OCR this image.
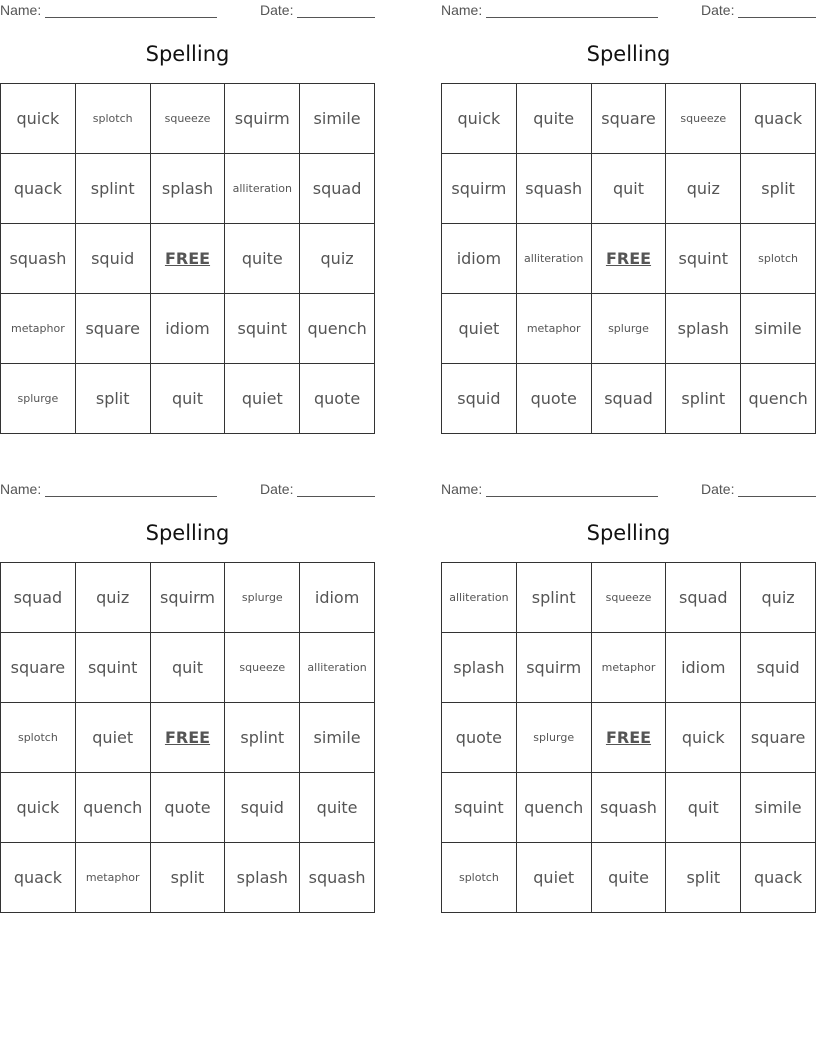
Name:	Date:
Spelling
quick	splotch	squeeze	squirm	simile
quack	splint	splash	alliteration	squad
squash	squid	FREE	quite	quiz
metaphor	square	idiom	squint	quench
splurge	split	quit	quiet	quote
Name:	Date:
Spelling
quick	quite	square	squeeze	quack
squirm	squash	quit	quiz	split
idiom	alliteration	FREE	squint	splotch
quiet	metaphor	splurge	splash	simile
squid	quote	squad	splint	quench
Name:	Date:
Spelling
squad	quiz	squirm	splurge	idiom
square	squint	quit	squeeze	alliteration
splotch	quiet	FREE	splint	simile
quick	quench	quote	squid	quite
quack	metaphor	split	splash	squash
Name:	Date:
Spelling
alliteration	splint	squeeze	squad	quiz
splash	squirm	metaphor	idiom	squid
quote	splurge	FREE	quick	square
squint	quench	squash	quit	simile
splotch	quiet	quite	split	quack
